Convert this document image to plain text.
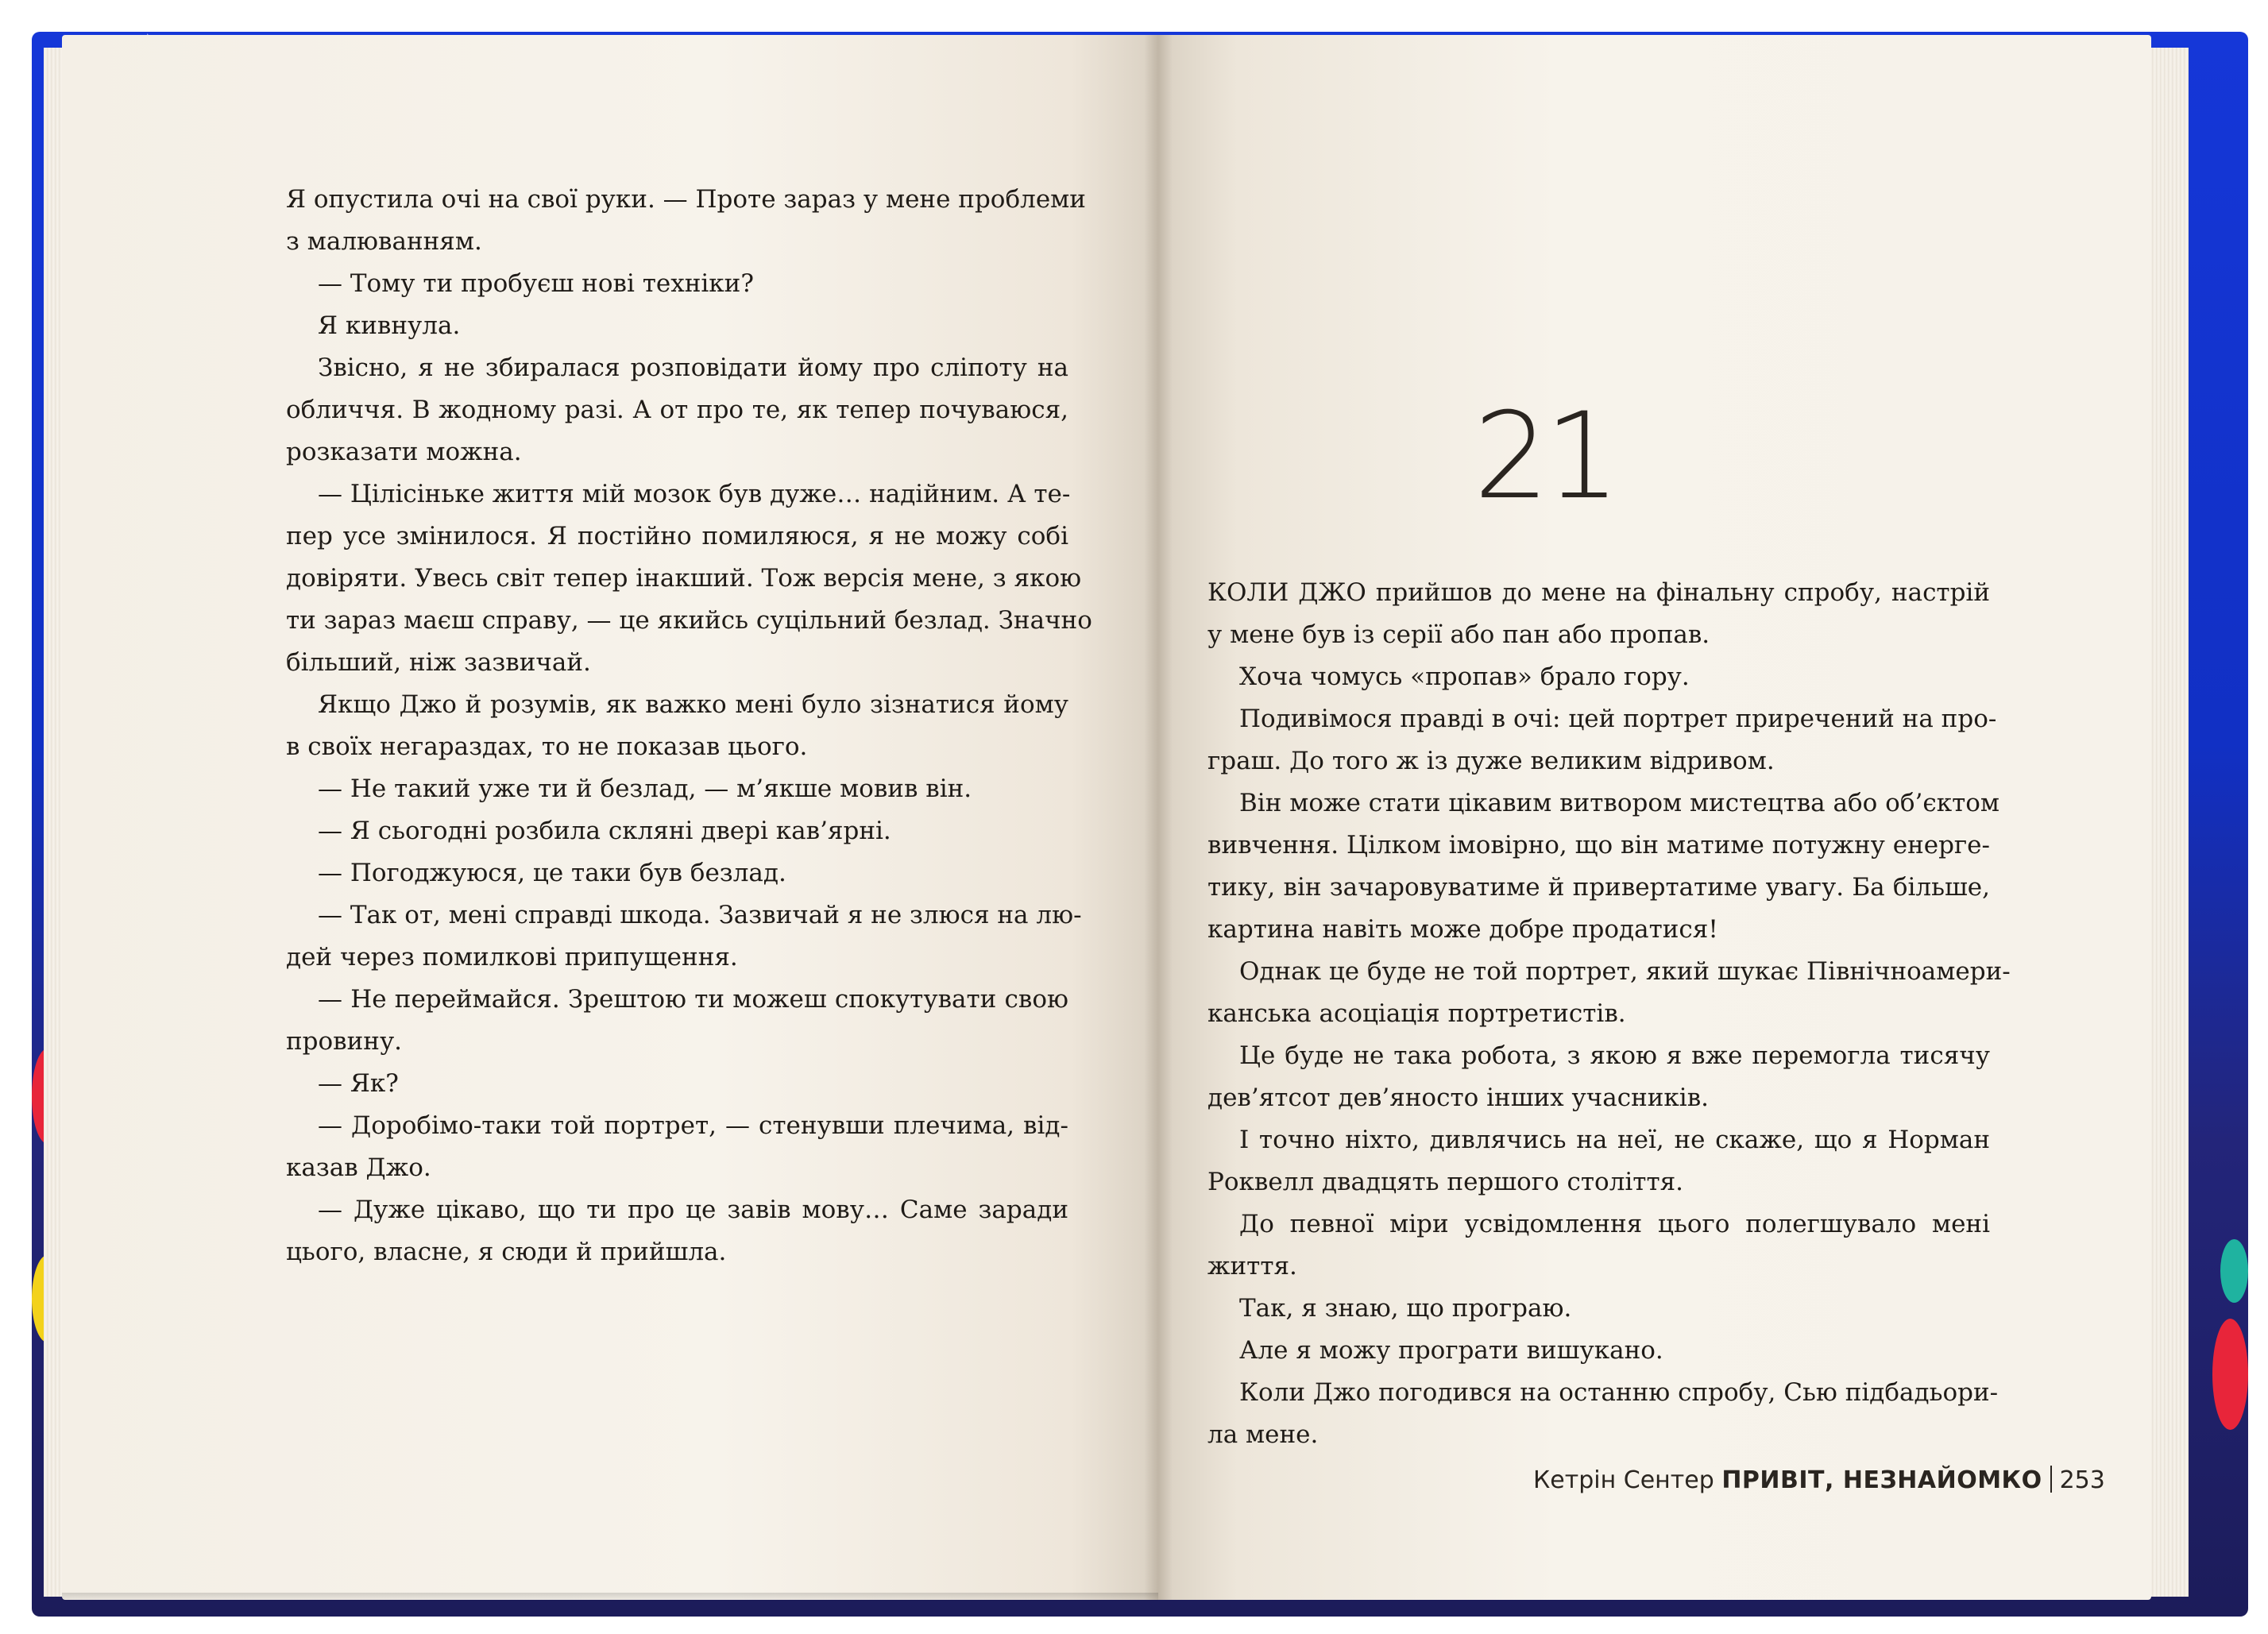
Я опустила очі на свої руки. — Проте зараз у мене проблеми
з малюванням.
— Тому ти пробуєш нові техніки?
Я кивнула.
Звісно, я не збиралася розповідати йому про сліпоту на
обличчя. В жодному разі. А от про те, як тепер почуваюся,
розказати можна.
— Цілісіньке життя мій мозок був дуже… надійним. А те-
пер усе змінилося. Я постійно помиляюся, я не можу собі
довіряти. Увесь світ тепер інакший. Тож версія мене, з якою
ти зараз маєш справу, — це якийсь суцільний безлад. Значно
більший, ніж зазвичай.
Якщо Джо й розумів, як важко мені було зізнатися йому
в своїх негараздах, то не показав цього.
— Не такий уже ти й безлад, — м’якше мовив він.
— Я сьогодні розбила скляні двері кав’ярні.
— Погоджуюся, це таки був безлад.
— Так от, мені справді шкода. Зазвичай я не злюся на лю-
дей через помилкові припущення.
— Не переймайся. Зрештою ти можеш спокутувати свою
провину.
— Як?
— Доробімо-таки той портрет, — стенувши плечима, від-
казав Джо.
— Дуже цікаво, що ти про це завів мову… Саме заради
цього, власне, я сюди й прийшла.
21
КОЛИ ДЖО прийшов до мене на фінальну спробу, настрій
у мене був із серії або пан або пропав.
Хоча чомусь «пропав» брало гору.
Подивімося правді в очі: цей портрет приречений на про-
граш. До того ж із дуже великим відривом.
Він може стати цікавим витвором мистецтва або об’єктом
вивчення. Цілком імовірно, що він матиме потужну енерге-
тику, він зачаровуватиме й привертатиме увагу. Ба більше,
картина навіть може добре продатися!
Однак це буде не той портрет, який шукає Північноамери-
канська асоціація портретистів.
Це буде не така робота, з якою я вже перемогла тисячу
дев’ятсот дев’яносто інших учасників.
І точно ніхто, дивлячись на неї, не скаже, що я Норман
Роквелл двадцять першого століття.
До певної міри усвідомлення цього полегшувало мені
життя.
Так, я знаю, що програю.
Але я можу програти вишукано.
Коли Джо погодився на останню спробу, Сью підбадьори-
ла мене.
Кетрін Сентер ПРИВІТ, НЕЗНАЙОМКО 253
